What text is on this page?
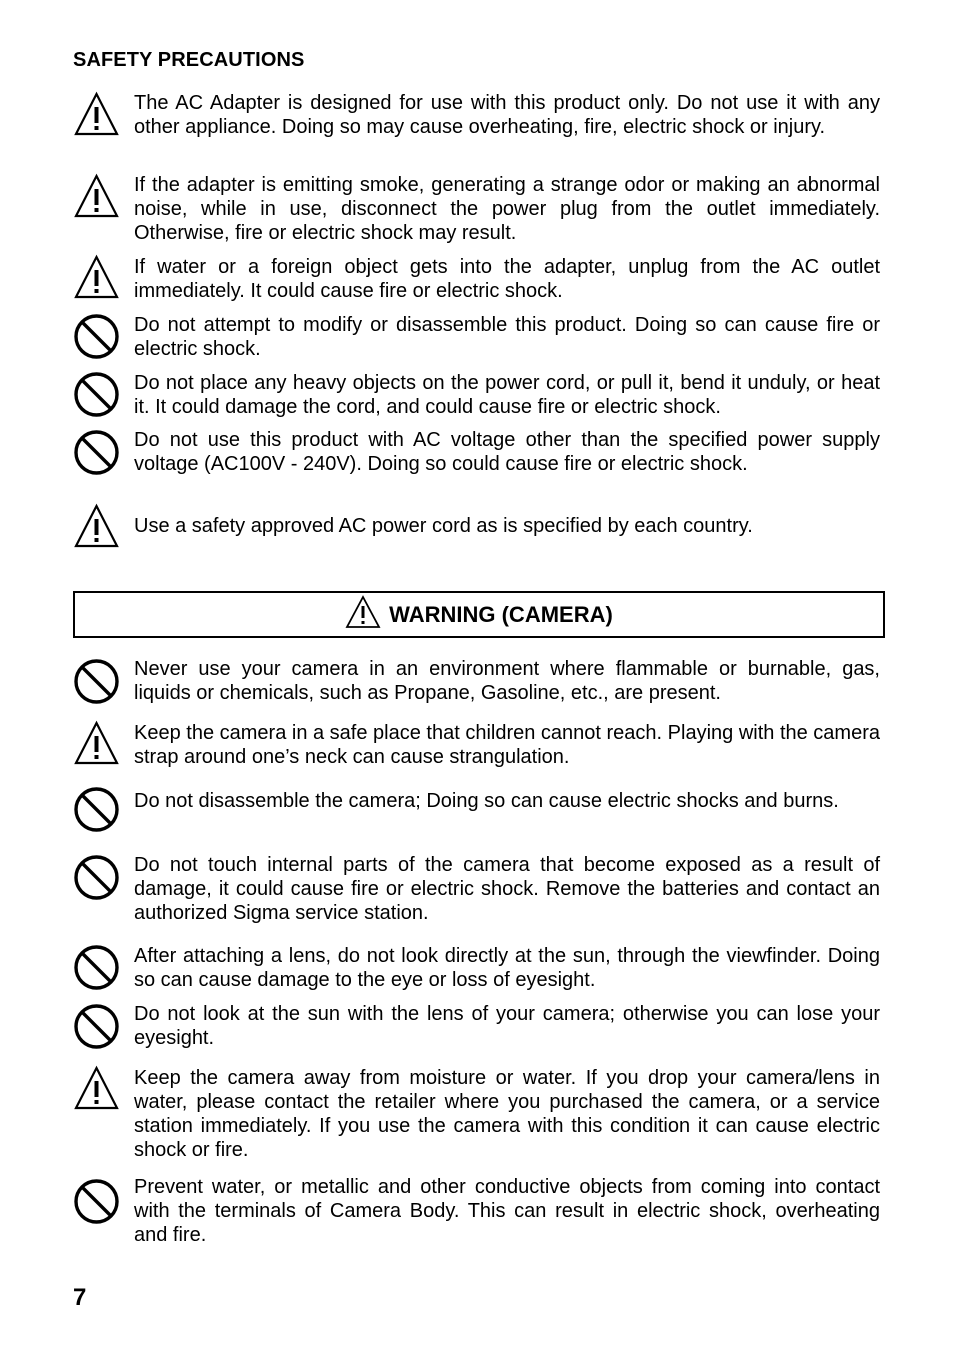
SAFETY PRECAUTIONS

The AC Adapter is designed for use with this product only. Do not use it with any other appliance. Doing so may cause overheating, fire, electric shock or injury.

If the adapter is emitting smoke, generating a strange odor or making an abnormal noise, while in use, disconnect the power plug from the outlet immediately. Otherwise, fire or electric shock may result.

If water or a foreign object gets into the adapter, unplug from the AC outlet immediately. It could cause fire or electric shock.

Do not attempt to modify or disassemble this product. Doing so can cause fire or electric shock.

Do not place any heavy objects on the power cord, or pull it, bend it unduly, or heat it. It could damage the cord, and could cause fire or electric shock.

Do not use this product with AC voltage other than the specified power supply voltage (AC100V - 240V). Doing so could cause fire or electric shock.

Use a safety approved AC power cord as is specified by each country.

WARNING (CAMERA)

Never use your camera in an environment where flammable or burnable, gas, liquids or chemicals, such as Propane, Gasoline, etc., are present.

Keep the camera in a safe place that children cannot reach. Playing with the camera strap around one’s neck can cause strangulation.

Do not disassemble the camera; Doing so can cause electric shocks and burns.

Do not touch internal parts of the camera that become exposed as a result of damage, it could cause fire or electric shock. Remove the batteries and contact an authorized Sigma service station.

After attaching a lens, do not look directly at the sun, through the viewfinder. Doing so can cause damage to the eye or loss of eyesight.

Do not look at the sun with the lens of your camera; otherwise you can lose your eyesight.

Keep the camera away from moisture or water. If you drop your camera/lens in water, please contact the retailer where you purchased the camera, or a service station immediately. If you use the camera with this condition it can cause electric shock or fire.

Prevent water, or metallic and other conductive objects from coming into contact with the terminals of Camera Body. This can result in electric shock, overheating and fire.

7
